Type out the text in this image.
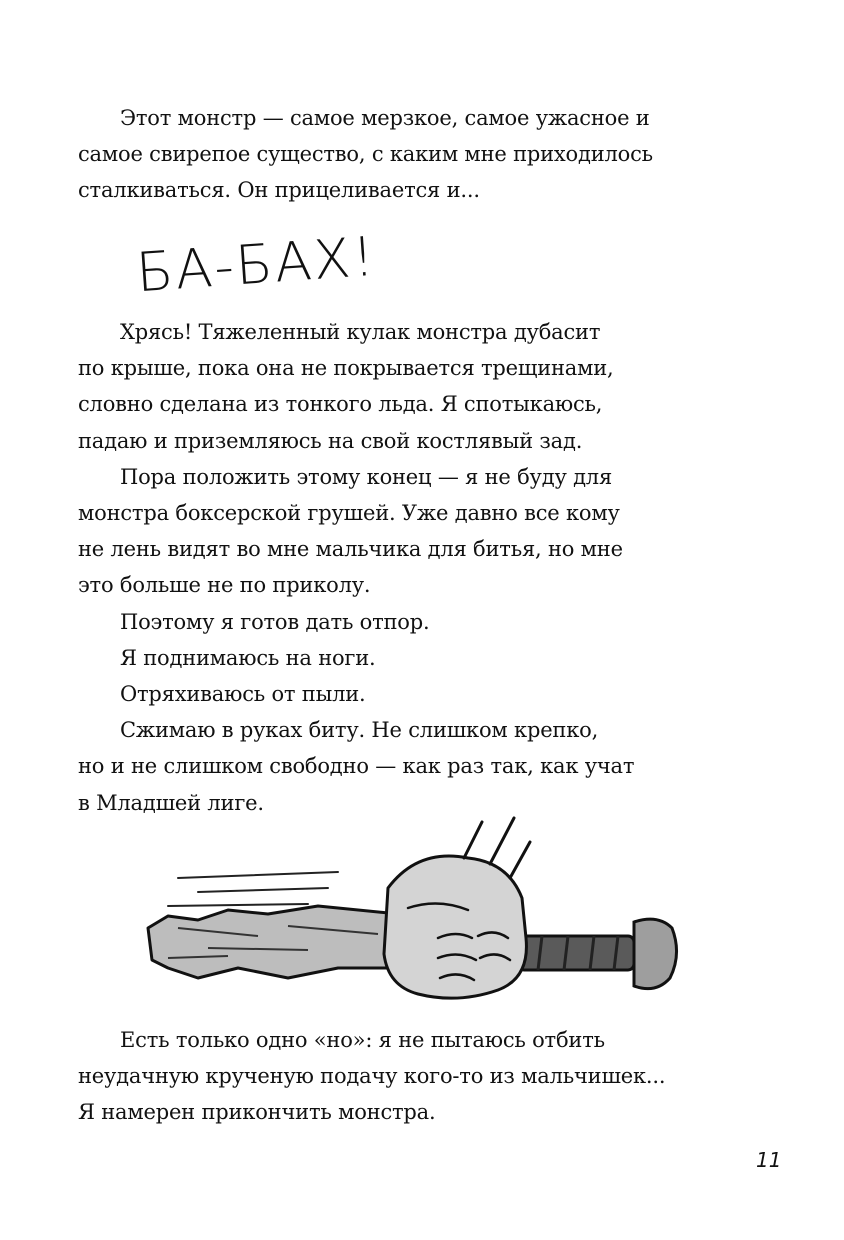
Этот монстр — самое мерзкое, самое ужасное и
самое свирепое существо, с каким мне приходилось
сталкиваться. Он прицеливается и...
БА-БАХ!
Хрясь! Тяжеленный кулак монстра дубасит
по крыше, пока она не покрывается трещинами,
словно сделана из тонкого льда. Я спотыкаюсь,
падаю и приземляюсь на свой костлявый зад.
Пора положить этому конец — я не буду для
монстра боксерской грушей. Уже давно все кому
не лень видят во мне мальчика для битья, но мне
это больше не по приколу.
Поэтому я готов дать отпор.
Я поднимаюсь на ноги.
Отряхиваюсь от пыли.
Сжимаю в руках биту. Не слишком крепко,
но и не слишком свободно — как раз так, как учат
в Младшей лиге.
Есть только одно «но»: я не пытаюсь отбить
неудачную крученую подачу кого-то из мальчишек...
Я намерен прикончить монстра.
11
